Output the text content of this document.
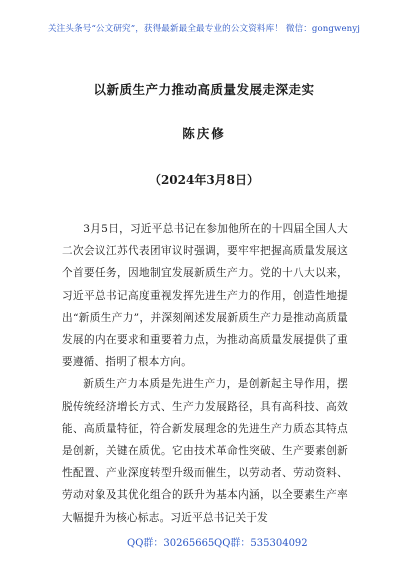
关注头条号“公文研究”，获得最新最全最专业的公文资料库！ 微信：gongwenyj
以新质生产力推动高质量发展走深走实
陈庆修
（2024年3月8日）

3月5日，习近平总书记在参加他所在的十四届全国人大二次会议江苏代表团审议时强调，要牢牢把握高质量发展这个首要任务，因地制宜发展新质生产力。党的十八大以来，习近平总书记高度重视发挥先进生产力的作用，创造性地提出“新质生产力”，并深刻阐述发展新质生产力是推动高质量发展的内在要求和重要着力点，为推动高质量发展提供了重要遵循、指明了根本方向。

新质生产力本质是先进生产力，是创新起主导作用，摆脱传统经济增长方式、生产力发展路径，具有高科技、高效能、高质量特征，符合新发展理念的先进生产力质态其特点是创新，关键在质优。它由技术革命性突破、生产要素创新性配置、产业深度转型升级而催生，以劳动者、劳动资料、劳动对象及其优化组合的跃升为基本内涵，以全要素生产率大幅提升为核心标志。习近平总书记关于发

QQ群：30265665 QQ群：535304092
